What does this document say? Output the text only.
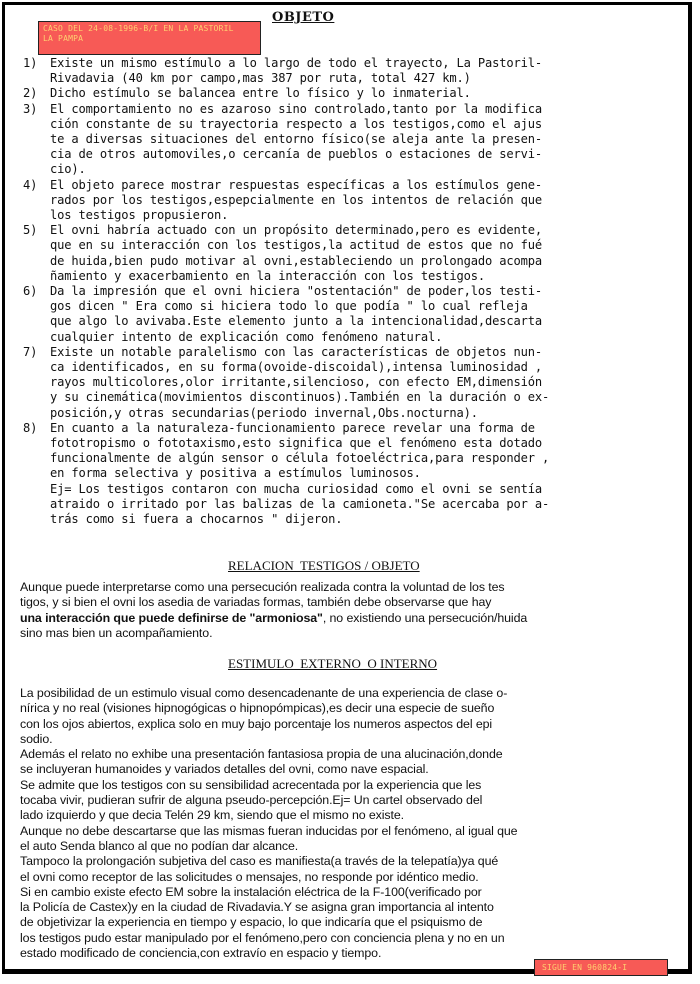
CASO DEL 24-08-1996-B/I EN LA PASTORIL
LA PAMPA
OBJETO
1)	Existe un mismo estímulo a lo largo de todo el trayecto, La Pastoril-
Rivadavia (40 km por campo,mas 387 por ruta, total 427 km.)
2)	Dicho estímulo se balancea entre lo físico y lo inmaterial.
3)	El comportamiento no es azaroso sino controlado,tanto por la modifica
ción constante de su trayectoria respecto a los testigos,como el ajus
te a diversas situaciones del entorno físico(se aleja ante la presen-
cia de otros automoviles,o cercanía de pueblos o estaciones de servi-
cio).
4)	El objeto parece mostrar respuestas específicas a los estímulos gene-
rados por los testigos,espepcialmente en los intentos de relación que
los testigos propusieron.
5)	El ovni habría actuado con un propósito determinado,pero es evidente,
que en su interacción con los testigos,la actitud de estos que no fué
de huida,bien pudo motivar al ovni,estableciendo un prolongado acompa
ñamiento y exacerbamiento en la interacción con los testigos.
6)	Da la impresión que el ovni hiciera "ostentación" de poder,los testi-
gos dicen " Era como si hiciera todo lo que podía " lo cual refleja
que algo lo avivaba.Este elemento junto a la intencionalidad,descarta
cualquier intento de explicación como fenómeno natural.
7)	Existe un notable paralelismo con las características de objetos nun-
ca identificados, en su forma(ovoide-discoidal),intensa luminosidad ,
rayos multicolores,olor irritante,silencioso, con efecto EM,dimensión
y su cinemática(movimientos discontinuos).También en la duración o ex-
posición,y otras secundarias(periodo invernal,Obs.nocturna).
8)	En cuanto a la naturaleza-funcionamiento parece revelar una forma de
fototropismo o fototaxismo,esto significa que el fenómeno esta dotado
funcionalmente de algún sensor o célula fotoeléctrica,para responder ,
en forma selectiva y positiva a estímulos luminosos.
Ej= Los testigos contaron con mucha curiosidad como el ovni se sentía
atraido o irritado por las balizas de la camioneta."Se acercaba por a-
trás como si fuera a chocarnos " dijeron.
RELACION  TESTIGOS / OBJETO
Aunque puede interpretarse como una persecución realizada contra la voluntad de los tes
tigos, y si bien el ovni los asedia de variadas formas, también debe observarse que hay
una interacción que puede definirse de "armoniosa", no existiendo una persecución/huida
sino mas bien un acompañamiento.
ESTIMULO  EXTERNO  O INTERNO
La posibilidad de un estimulo visual como desencadenante de una experiencia de clase o-
nírica y no real (visiones hipnogógicas o hipnopómpicas),es decir una especie de sueño
con los ojos abiertos, explica solo en muy bajo porcentaje los numeros aspectos del epi
sodio.
Además el relato no exhibe una presentación fantasiosa propia de una alucinación,donde
se incluyeran humanoides y variados detalles del ovni, como nave espacial.
Se admite que los testigos con su sensibilidad acrecentada por la experiencia que les
tocaba vivir, pudieran sufrir de alguna pseudo-percepción.Ej= Un cartel observado del
lado izquierdo y que decia Telén 29 km, siendo que el mismo no existe.
Aunque no debe descartarse que las mismas fueran inducidas por el fenómeno, al igual que
el auto Senda blanco al que no podían dar alcance.
Tampoco la prolongación subjetiva del caso es manifiesta(a través de la telepatía)ya qué
el ovni como receptor de las solicitudes o mensajes, no responde por idéntico medio.
Si en cambio existe efecto EM sobre la instalación eléctrica de la F-100(verificado por
la Policía de Castex)y en la ciudad de Rivadavia.Y se asigna gran importancia al intento
de objetivizar la experiencia en tiempo y espacio, lo que indicaría que el psiquismo de
los testigos pudo estar manipulado por el fenómeno,pero con conciencia plena y no en un
estado modificado de conciencia,con extravío en espacio y tiempo.
SIGUE EN 960824-I
